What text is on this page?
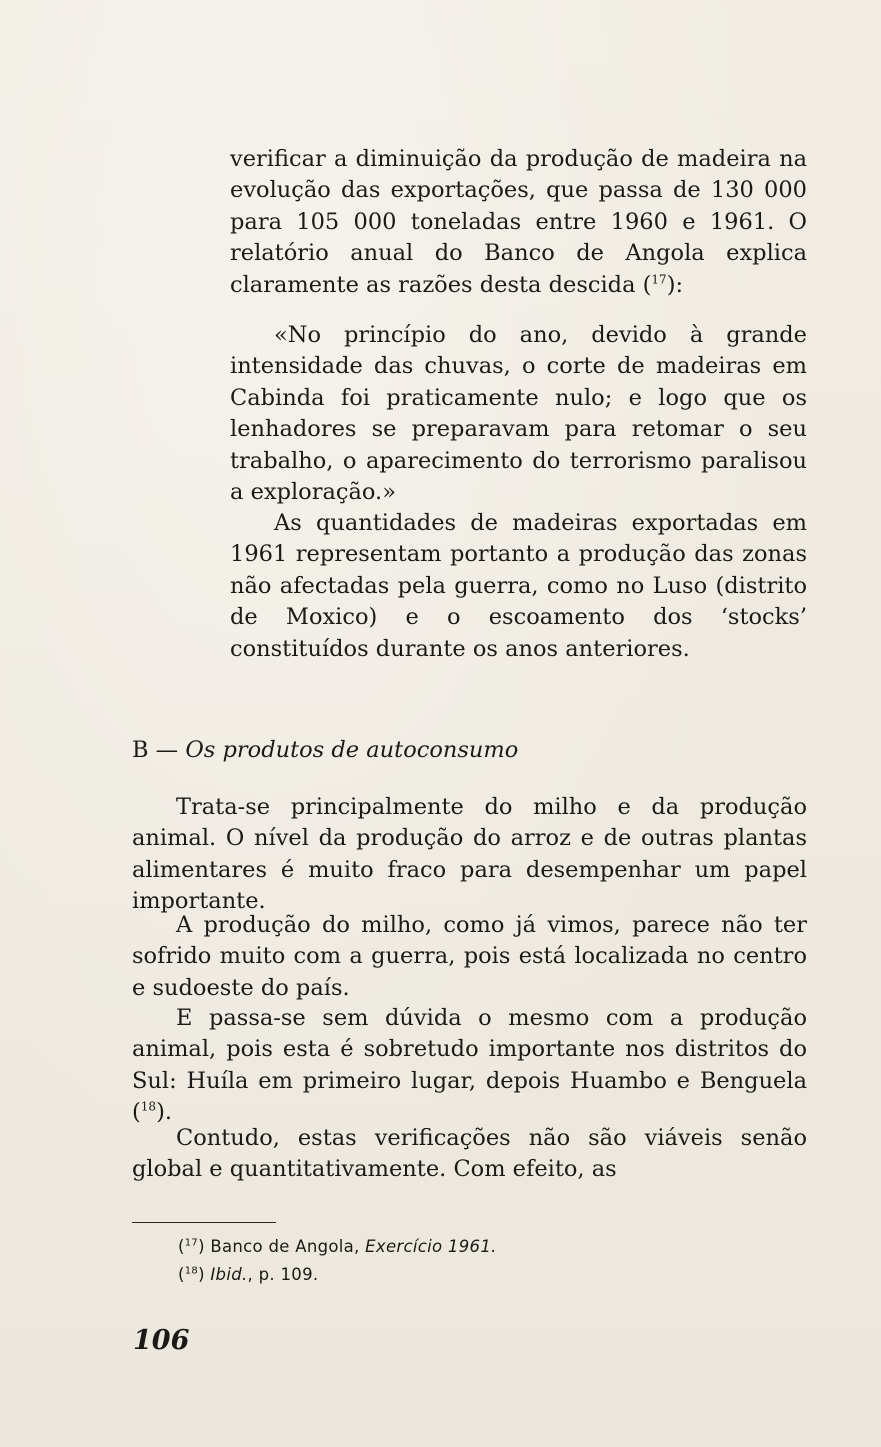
verificar a diminuição da produção de madeira na evolução das exportações, que passa de 130 000 para 105 000 toneladas entre 1960 e 1961. O relatório anual do Banco de Angola explica claramente as razões desta descida ($^{17}$):

«No princípio do ano, devido à grande intensidade das chuvas, o corte de madeiras em Cabinda foi praticamente nulo; e logo que os lenhadores se preparavam para retomar o seu trabalho, o aparecimento do terrorismo paralisou a exploração.»

As quantidades de madeiras exportadas em 1961 representam portanto a produção das zonas não afectadas pela guerra, como no Luso (distrito de Moxico) e o escoamento dos ‘stocks’ constituídos durante os anos anteriores.

B — Os produtos de autoconsumo

Trata-se principalmente do milho e da produção animal. O nível da produção do arroz e de outras plantas alimentares é muito fraco para desempenhar um papel importante.

A produção do milho, como já vimos, parece não ter sofrido muito com a guerra, pois está localizada no centro e sudoeste do país.

E passa-se sem dúvida o mesmo com a produção animal, pois esta é sobretudo importante nos distritos do Sul: Huíla em primeiro lugar, depois Huambo e Benguela ($^{18}$).

Contudo, estas verificações não são viáveis senão global e quantitativamente. Com efeito, as

($^{17}$) Banco de Angola, Exercício 1961.
($^{18}$) Ibid., p. 109.

106
